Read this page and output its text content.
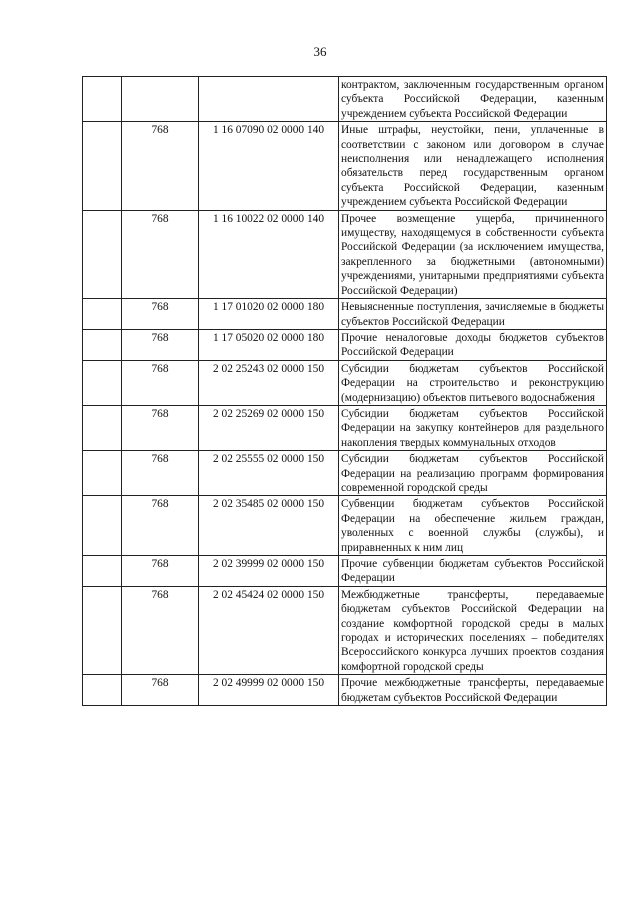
36
			контрактом, заключенным государственным органом субъекта Российской Федерации, казенным учреждением субъекта Российской Федерации
	768	1 16 07090 02 0000 140	Иные штрафы, неустойки, пени, уплаченные в соответствии с законом или договором в случае неисполнения или ненадлежащего исполнения обязательств перед государственным органом субъекта Российской Федерации, казенным учреждением субъекта Российской Федерации
	768	1 16 10022 02 0000 140	Прочее возмещение ущерба, причиненного имуществу, находящемуся в собственности субъекта Российской Федерации (за исключением имущества, закрепленного за бюджетными (автономными) учреждениями, унитарными предприятиями субъекта Российской Федерации)
	768	1 17 01020 02 0000 180	Невыясненные поступления, зачисляемые в бюджеты субъектов Российской Федерации
	768	1 17 05020 02 0000 180	Прочие неналоговые доходы бюджетов субъектов Российской Федерации
	768	2 02 25243 02 0000 150	Субсидии бюджетам субъектов Российской Федерации на строительство и реконструкцию (модернизацию) объектов питьевого водоснабжения
	768	2 02 25269 02 0000 150	Субсидии бюджетам субъектов Российской Федерации на закупку контейнеров для раздельного накопления твердых коммунальных отходов
	768	2 02 25555 02 0000 150	Субсидии бюджетам субъектов Российской Федерации на реализацию программ формирования современной городской среды
	768	2 02 35485 02 0000 150	Субвенции бюджетам субъектов Российской Федерации на обеспечение жильем граждан, уволенных с военной службы (службы), и приравненных к ним лиц
	768	2 02 39999 02 0000 150	Прочие субвенции бюджетам субъектов Российской Федерации
	768	2 02 45424 02 0000 150	Межбюджетные трансферты, передаваемые бюджетам субъектов Российской Федерации на создание комфортной городской среды в малых городах и исторических поселениях – победителях Всероссийского конкурса лучших проектов создания комфортной городской среды
	768	2 02 49999 02 0000 150	Прочие межбюджетные трансферты, передаваемые бюджетам субъектов Российской Федерации
